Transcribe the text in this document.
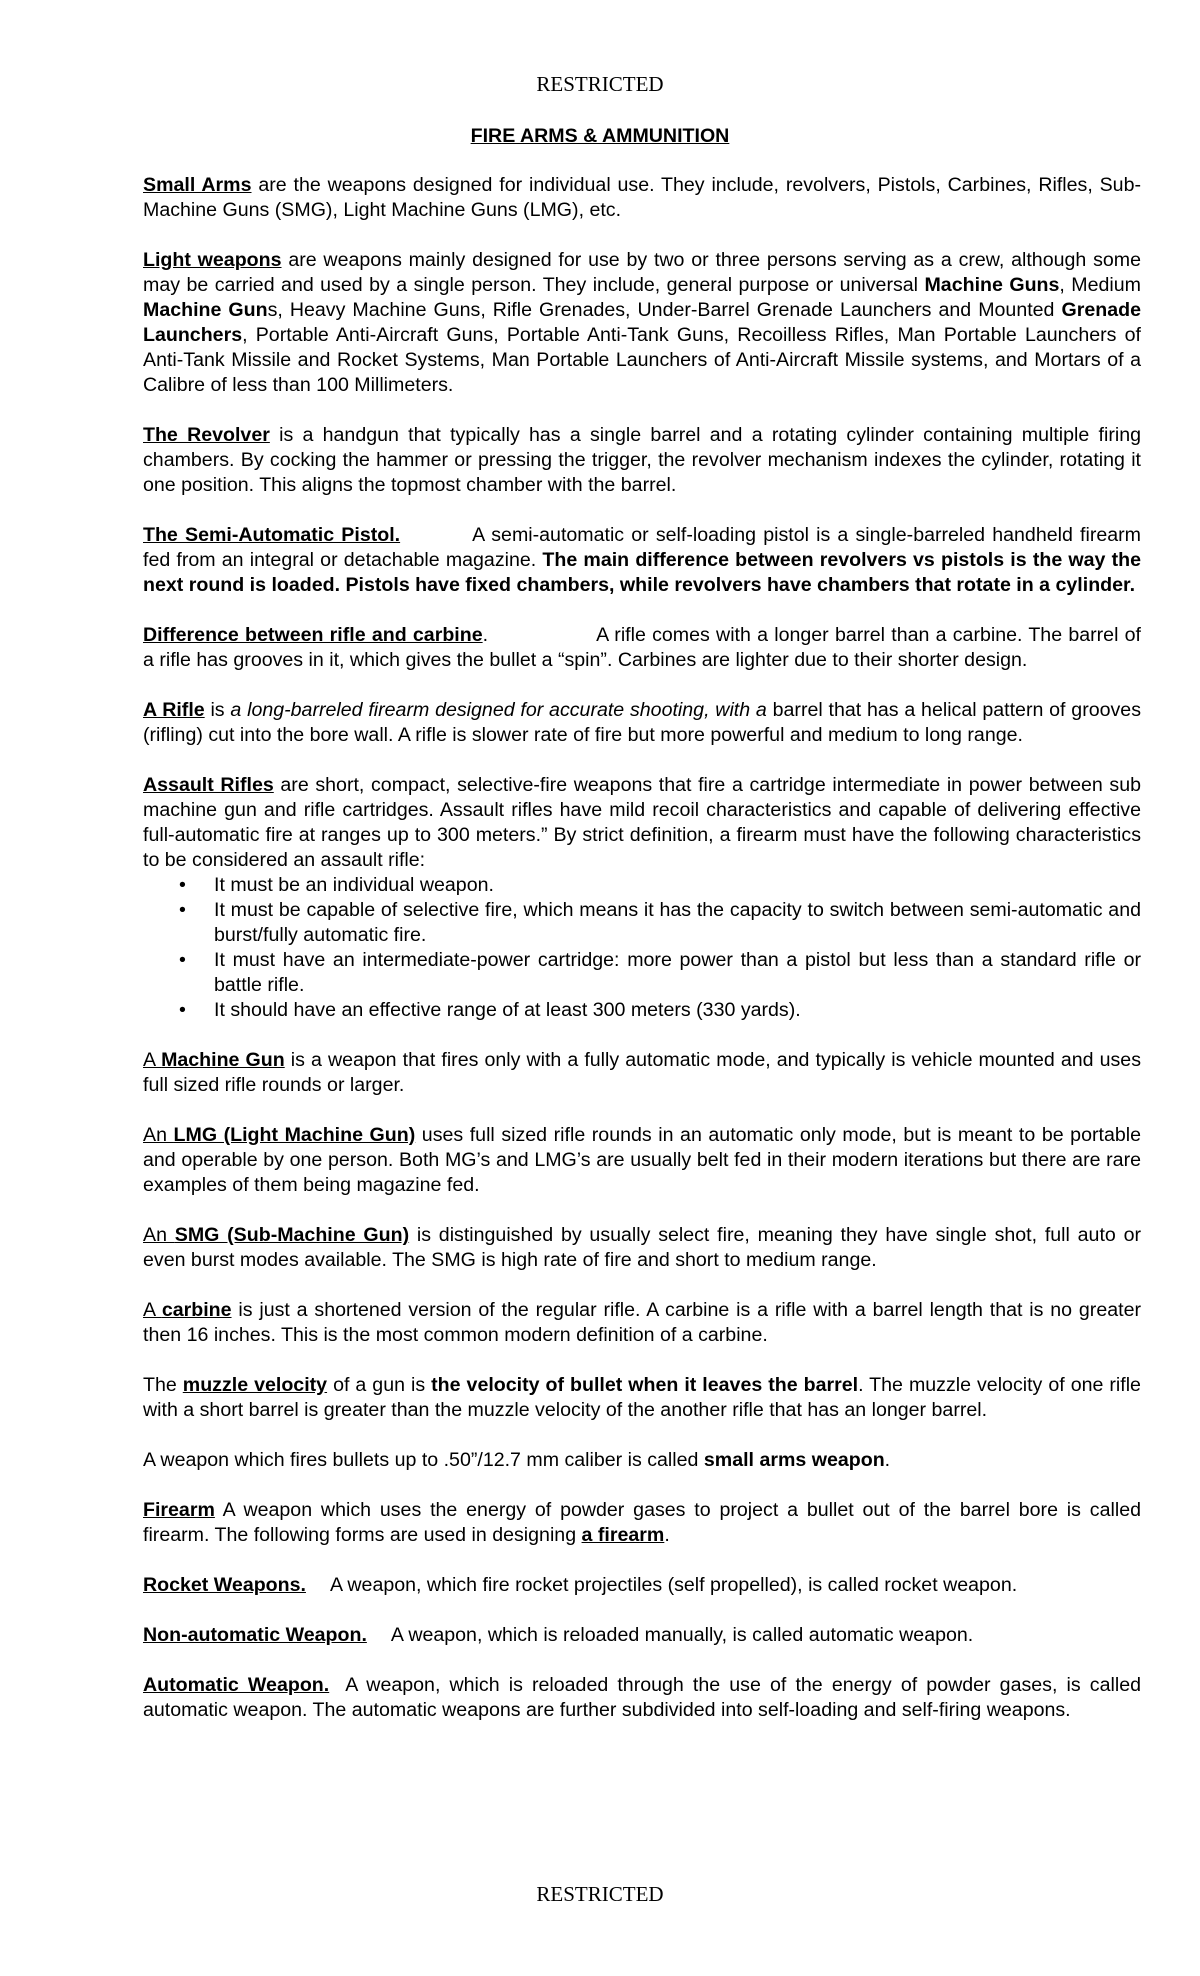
RESTRICTED
FIRE ARMS & AMMUNITION

Small Arms are the weapons designed for individual use. They include, revolvers, Pistols, Carbines, Rifles, Sub-Machine Guns (SMG), Light Machine Guns (LMG), etc.

Light weapons are weapons mainly designed for use by two or three persons serving as a crew, although some may be carried and used by a single person. They include, general purpose or universal Machine Guns, Medium Machine Guns, Heavy Machine Guns, Rifle Grenades, Under-Barrel Grenade Launchers and Mounted Grenade Launchers, Portable Anti-Aircraft Guns, Portable Anti-Tank Guns, Recoilless Rifles, Man Portable Launchers of Anti-Tank Missile and Rocket Systems, Man Portable Launchers of Anti-Aircraft Missile systems, and Mortars of a Calibre of less than 100 Millimeters.

The Revolver is a handgun that typically has a single barrel and a rotating cylinder containing multiple firing chambers. By cocking the hammer or pressing the trigger, the revolver mechanism indexes the cylinder, rotating it one position. This aligns the topmost chamber with the barrel.

The Semi-Automatic Pistol.	A semi-automatic or self-loading pistol is a single-barreled handheld firearm fed from an integral or detachable magazine. The main difference between revolvers vs pistols is the way the next round is loaded. Pistols have fixed chambers, while revolvers have chambers that rotate in a cylinder.

Difference between rifle and carbine.	A rifle comes with a longer barrel than a carbine. The barrel of a rifle has grooves in it, which gives the bullet a “spin”. Carbines are lighter due to their shorter design.

A Rifle is a long-barreled firearm designed for accurate shooting, with a barrel that has a helical pattern of grooves (rifling) cut into the bore wall. A rifle is slower rate of fire but more powerful and medium to long range.

Assault Rifles are short, compact, selective-fire weapons that fire a cartridge intermediate in power between sub machine gun and rifle cartridges. Assault rifles have mild recoil characteristics and capable of delivering effective full-automatic fire at ranges up to 300 meters.” By strict definition, a firearm must have the following characteristics to be considered an assault rifle:

• It must be an individual weapon.
• It must be capable of selective fire, which means it has the capacity to switch between semi-automatic and burst/fully automatic fire.
• It must have an intermediate-power cartridge: more power than a pistol but less than a standard rifle or battle rifle.
• It should have an effective range of at least 300 meters (330 yards).

A Machine Gun is a weapon that fires only with a fully automatic mode, and typically is vehicle mounted and uses full sized rifle rounds or larger.

An LMG (Light Machine Gun) uses full sized rifle rounds in an automatic only mode, but is meant to be portable and operable by one person. Both MG’s and LMG’s are usually belt fed in their modern iterations but there are rare examples of them being magazine fed.

An SMG (Sub-Machine Gun) is distinguished by usually select fire, meaning they have single shot, full auto or even burst modes available. The SMG is high rate of fire and short to medium range.

A carbine is just a shortened version of the regular rifle. A carbine is a rifle with a barrel length that is no greater then 16 inches. This is the most common modern definition of a carbine.

The muzzle velocity of a gun is the velocity of bullet when it leaves the barrel. The muzzle velocity of one rifle with a short barrel is greater than the muzzle velocity of the another rifle that has an longer barrel.

A weapon which fires bullets up to .50”/12.7 mm caliber is called small arms weapon.

Firearm A weapon which uses the energy of powder gases to project a bullet out of the barrel bore is called firearm. The following forms are used in designing a firearm.

Rocket Weapons. A weapon, which fire rocket projectiles (self propelled), is called rocket weapon.

Non-automatic Weapon. A weapon, which is reloaded manually, is called automatic weapon.

Automatic Weapon. A weapon, which is reloaded through the use of the energy of powder gases, is called automatic weapon. The automatic weapons are further subdivided into self-loading and self-firing weapons.

RESTRICTED
